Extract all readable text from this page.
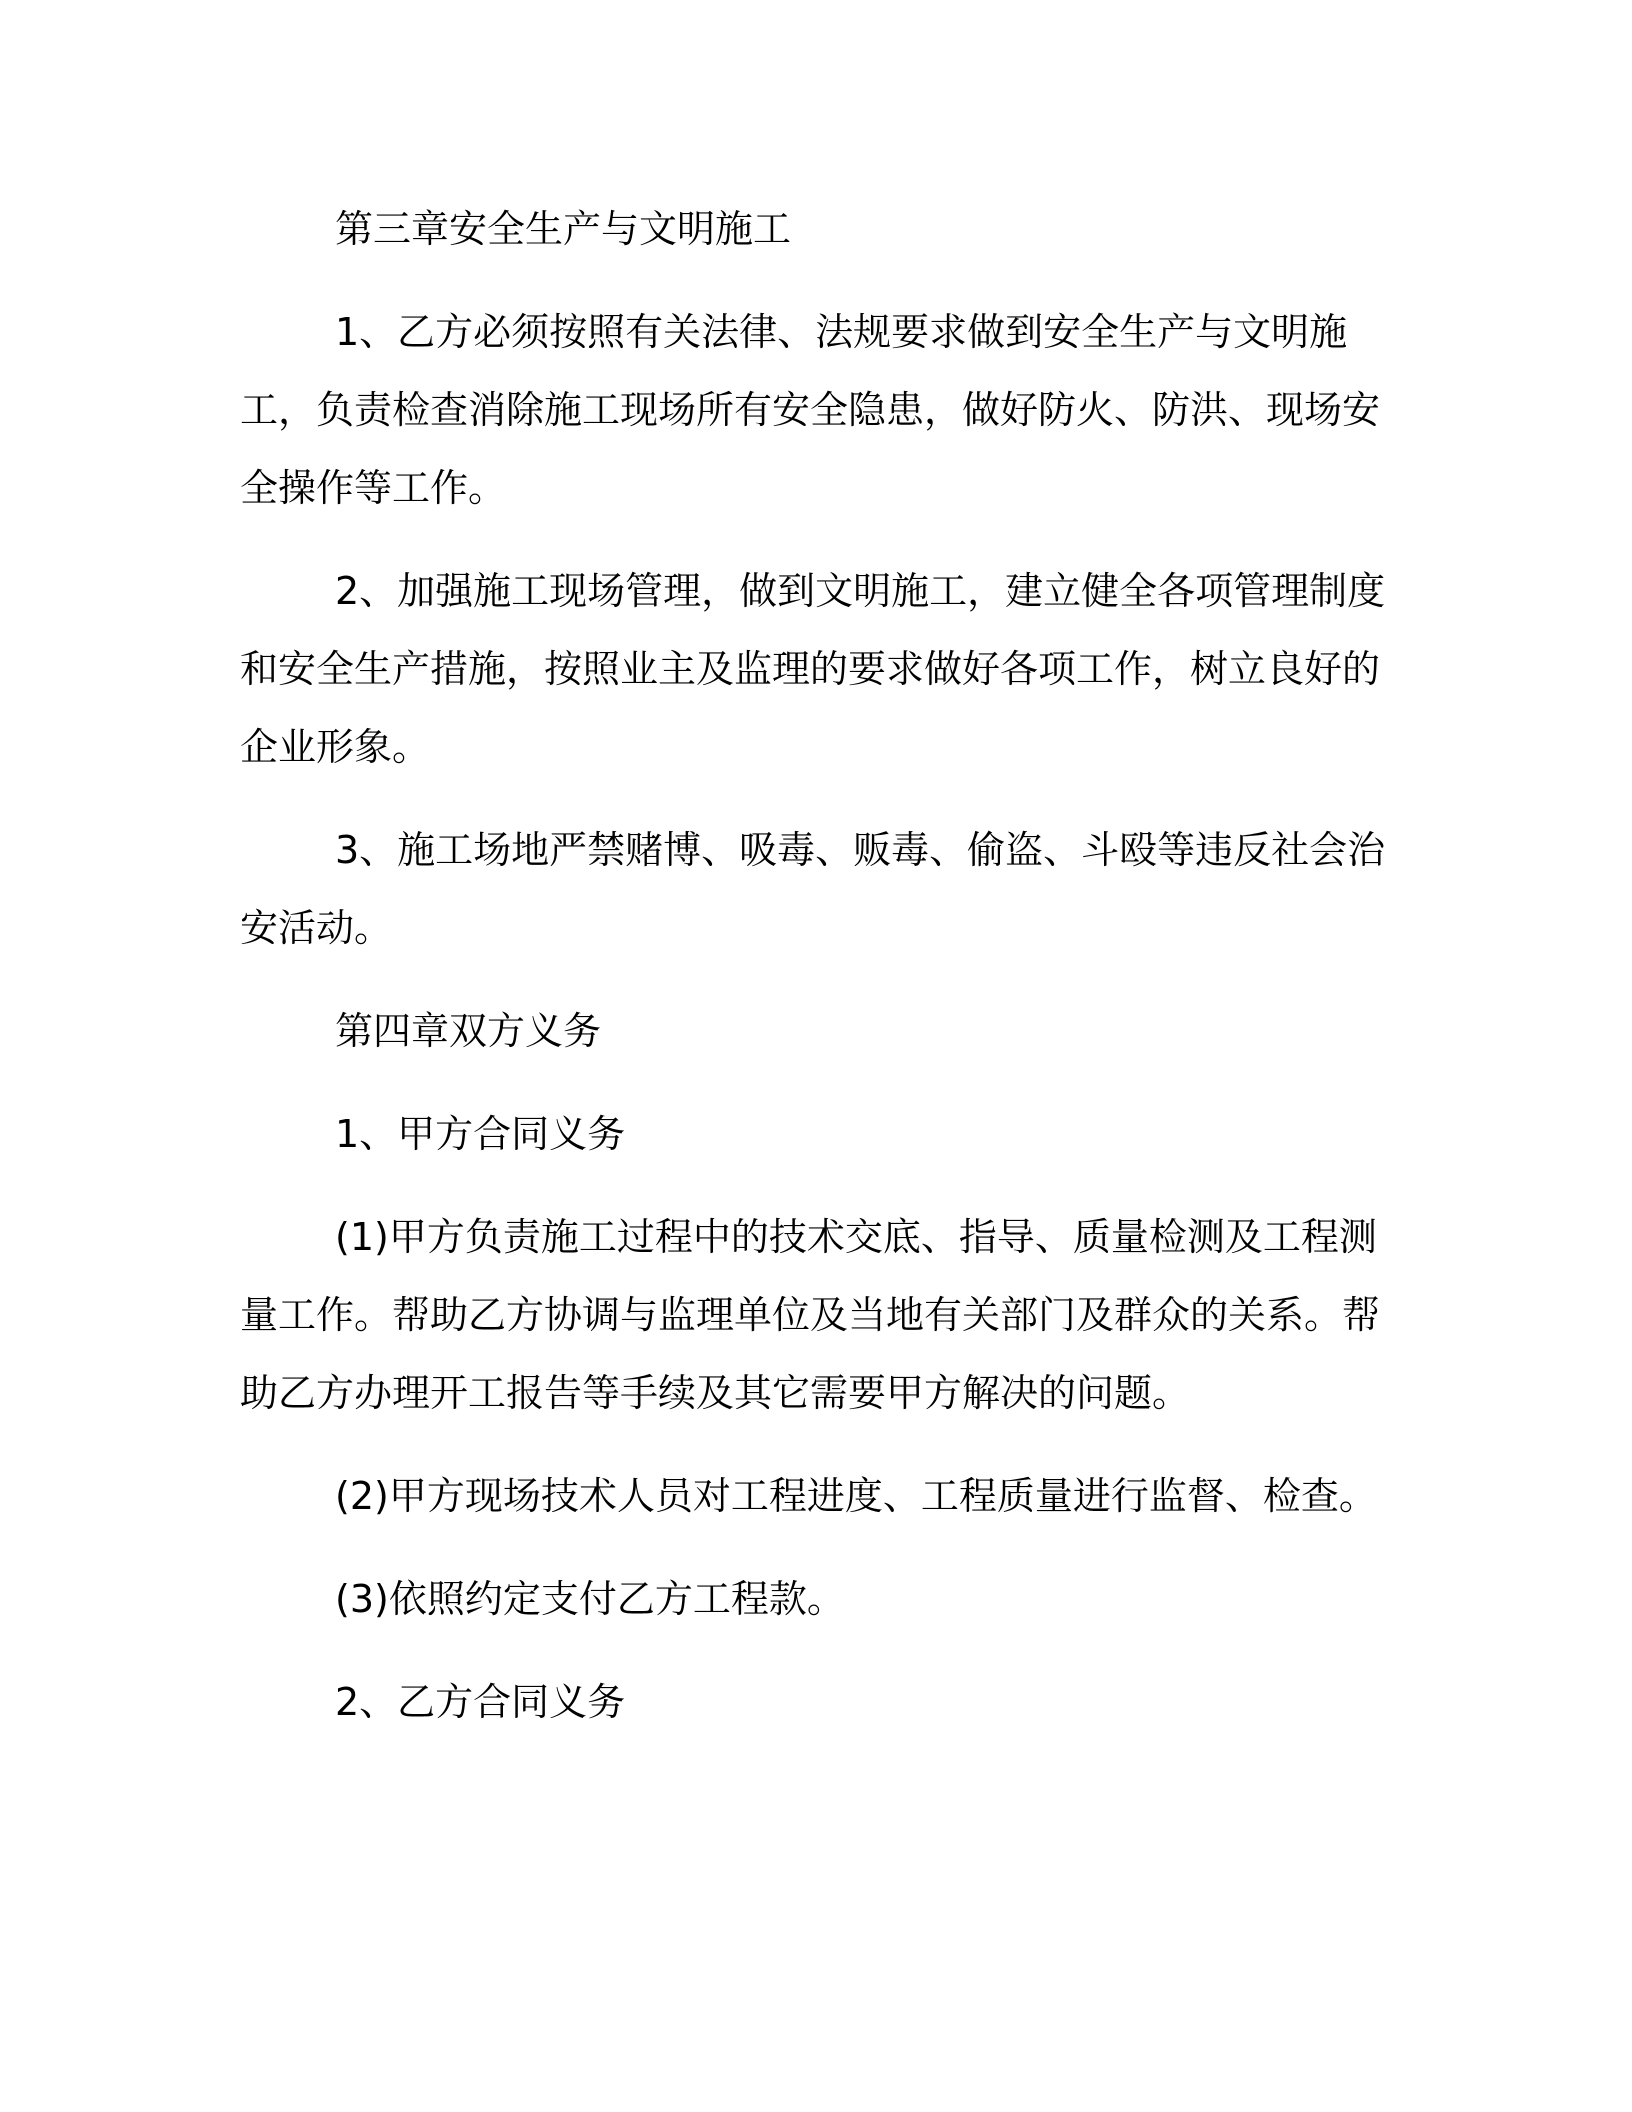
第三章安全生产与文明施工

1、乙方必须按照有关法律、法规要求做到安全生产与文明施工，负责检查消除施工现场所有安全隐患，做好防火、防洪、现场安全操作等工作。

2、加强施工现场管理，做到文明施工，建立健全各项管理制度和安全生产措施，按照业主及监理的要求做好各项工作，树立良好的企业形象。

3、施工场地严禁赌博、吸毒、贩毒、偷盗、斗殴等违反社会治安活动。

第四章双方义务

1、甲方合同义务

(1)甲方负责施工过程中的技术交底、指导、质量检测及工程测量工作。帮助乙方协调与监理单位及当地有关部门及群众的关系。帮助乙方办理开工报告等手续及其它需要甲方解决的问题。

(2)甲方现场技术人员对工程进度、工程质量进行监督、检查。

(3)依照约定支付乙方工程款。

2、乙方合同义务
